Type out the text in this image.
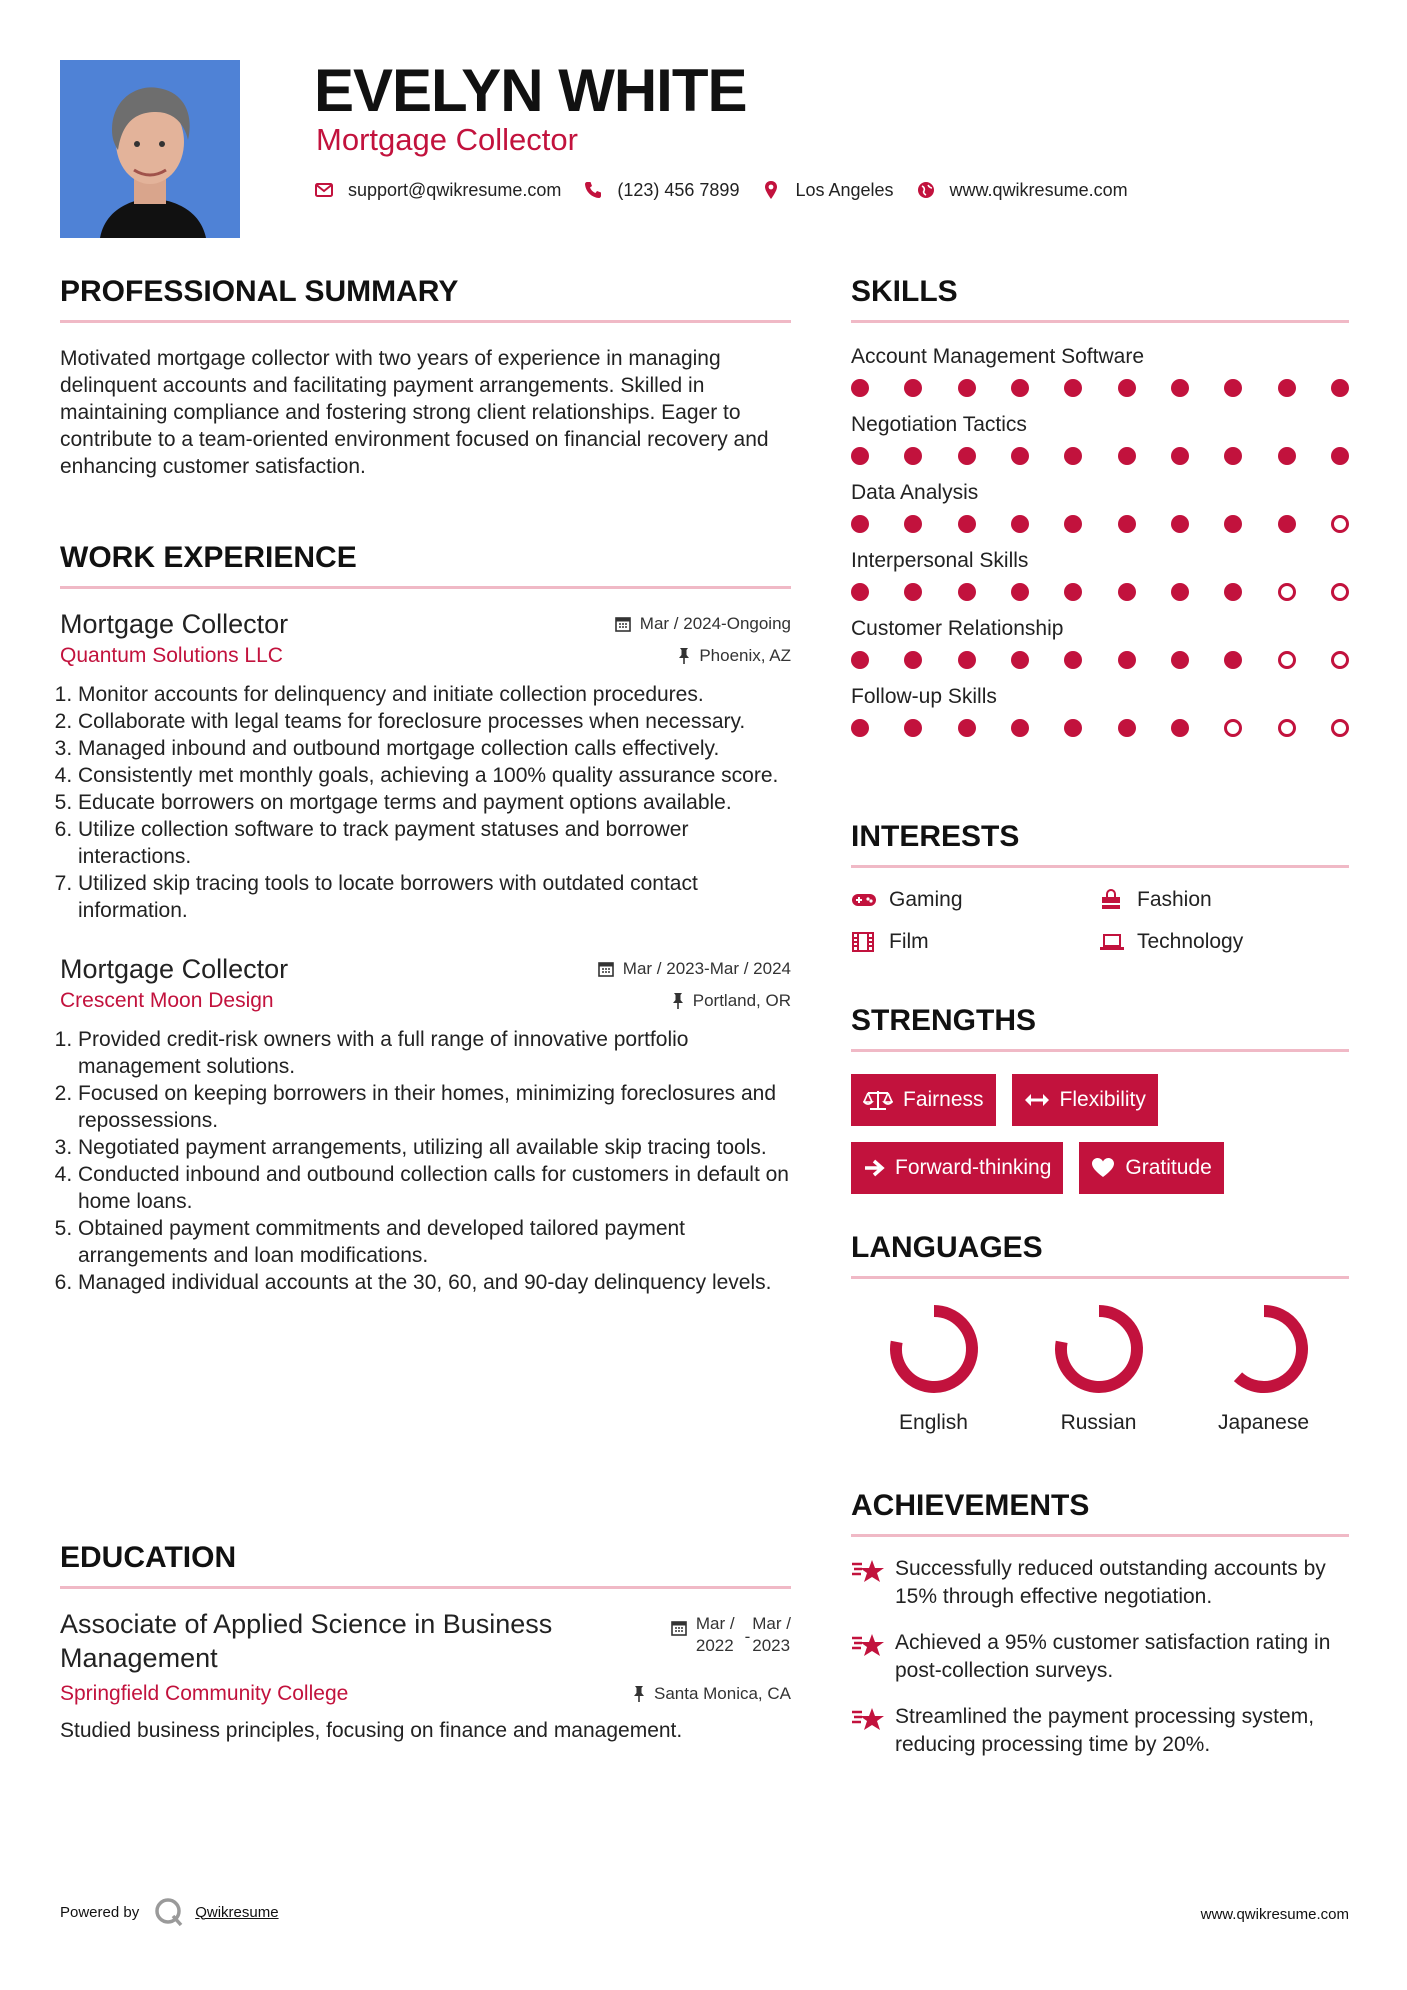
EVELYN WHITE
Mortgage Collector
support@qwikresume.com	(123) 456 7899	Los Angeles	www.qwikresume.com
PROFESSIONAL SUMMARY
Motivated mortgage collector with two years of experience in managing delinquent accounts and facilitating payment arrangements. Skilled in maintaining compliance and fostering strong client relationships. Eager to contribute to a team-oriented environment focused on financial recovery and enhancing customer satisfaction.
WORK EXPERIENCE
Mortgage Collector	Mar / 2024-Ongoing
Quantum Solutions LLC	Phoenix, AZ
1. Monitor accounts for delinquency and initiate collection procedures.
2. Collaborate with legal teams for foreclosure processes when necessary.
3. Managed inbound and outbound mortgage collection calls effectively.
4. Consistently met monthly goals, achieving a 100% quality assurance score.
5. Educate borrowers on mortgage terms and payment options available.
6. Utilize collection software to track payment statuses and borrower interactions.
7. Utilized skip tracing tools to locate borrowers with outdated contact information.
Mortgage Collector	Mar / 2023-Mar / 2024
Crescent Moon Design	Portland, OR
1. Provided credit-risk owners with a full range of innovative portfolio management solutions.
2. Focused on keeping borrowers in their homes, minimizing foreclosures and repossessions.
3. Negotiated payment arrangements, utilizing all available skip tracing tools.
4. Conducted inbound and outbound collection calls for customers in default on home loans.
5. Obtained payment commitments and developed tailored payment arrangements and loan modifications.
6. Managed individual accounts at the 30, 60, and 90-day delinquency levels.
EDUCATION
Associate of Applied Science in Business Management
Mar /
2022 -
Mar /
2023
Springfield Community College	Santa Monica, CA
Studied business principles, focusing on finance and management.
SKILLS
Account Management Software
Negotiation Tactics
Data Analysis
Interpersonal Skills
Customer Relationship
Follow-up Skills
INTERESTS
Gaming	Fashion
Film	Technology
STRENGTHS
Fairness	Flexibility
Forward-thinking	Gratitude
LANGUAGES
English	Russian	Japanese
ACHIEVEMENTS
Successfully reduced outstanding accounts by 15% through effective negotiation.
Achieved a 95% customer satisfaction rating in post-collection surveys.
Streamlined the payment processing system, reducing processing time by 20%.
Powered by	Qwikresume	www.qwikresume.com
